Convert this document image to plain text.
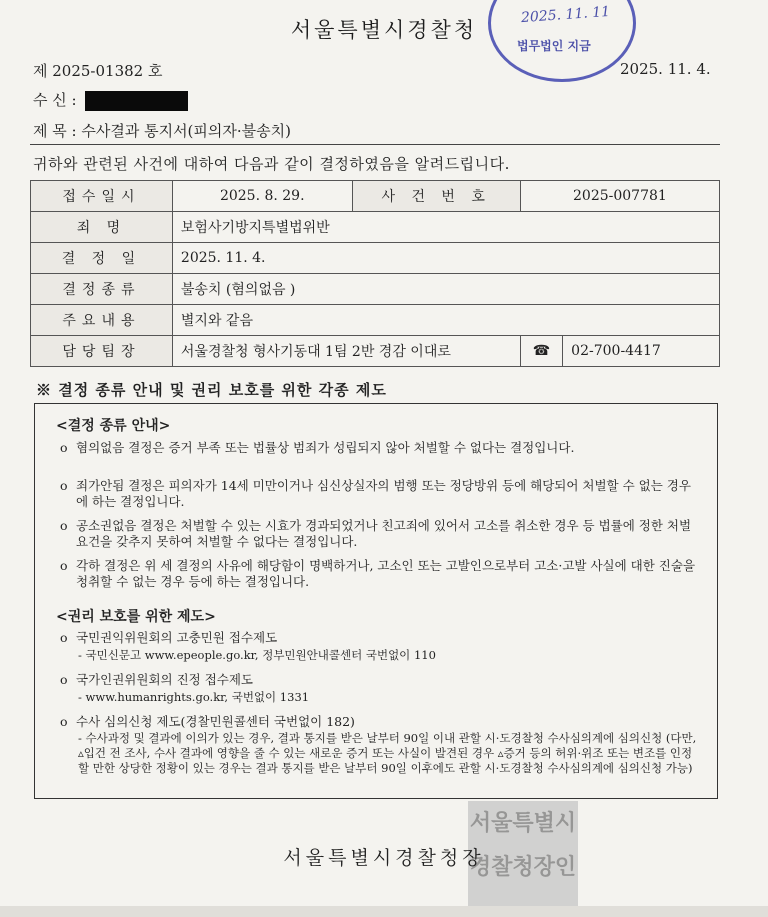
서울특별시경찰청
2025. 11. 11
법무법인 지금
제 2025-01382 호	2025. 11. 4.
수 신 :
제 목 : 수사결과 통지서(피의자·불송치)
귀하와 관련된 사건에 대하여 다음과 같이 결정하였음을 알려드립니다.
접수일시	2025. 8. 29.	사 건 번 호	2025-007781	
죄 명	보험사기방지특별법위반			
결 정 일	2025. 11. 4.			
결정종류	불송치 (혐의없음 )			
주요내용	별지와 같음			
담당팀장	서울경찰청 형사기동대 1팀 2반 경감 이대로		☎	02-700-4417
※ 결정 종류 안내 및 권리 보호를 위한 각종 제도
<결정 종류 안내>
o 혐의없음 결정은 증거 부족 또는 법률상 범죄가 성립되지 않아 처벌할 수 없다는 결정입니다.
o 죄가안됨 결정은 피의자가 14세 미만이거나 심신상실자의 범행 또는 정당방위 등에 해당되어 처벌할 수 없는 경우에 하는 결정입니다.
o 공소권없음 결정은 처벌할 수 있는 시효가 경과되었거나 친고죄에 있어서 고소를 취소한 경우 등 법률에 정한 처벌요건을 갖추지 못하여 처벌할 수 없다는 결정입니다.
o 각하 결정은 위 세 결정의 사유에 해당함이 명백하거나, 고소인 또는 고발인으로부터 고소·고발 사실에 대한 진술을 청취할 수 없는 경우 등에 하는 결정입니다.
<권리 보호를 위한 제도>
o 국민권익위원회의 고충민원 접수제도
- 국민신문고 www.epeople.go.kr, 정부민원안내콜센터 국번없이 110
o 국가인권위원회의 진정 접수제도
- www.humanrights.go.kr, 국번없이 1331
o 수사 심의신청 제도(경찰민원콜센터 국번없이 182)
- 수사과정 및 결과에 이의가 있는 경우, 결과 통지를 받은 날부터 90일 이내 관할 시·도경찰청 수사심의계에 심의신청 (다만, ▵입건 전 조사, 수사 결과에 영향을 줄 수 있는 새로운 증거 또는 사실이 발견된 경우 ▵증거 등의 허위·위조 또는 변조를 인정할 만한 상당한 정황이 있는 경우는 결과 통지를 받은 날부터 90일 이후에도 관할 시·도경찰청 수사심의계에 심의신청 가능)
서울특별시경찰청장인
서울특별시경찰청장
